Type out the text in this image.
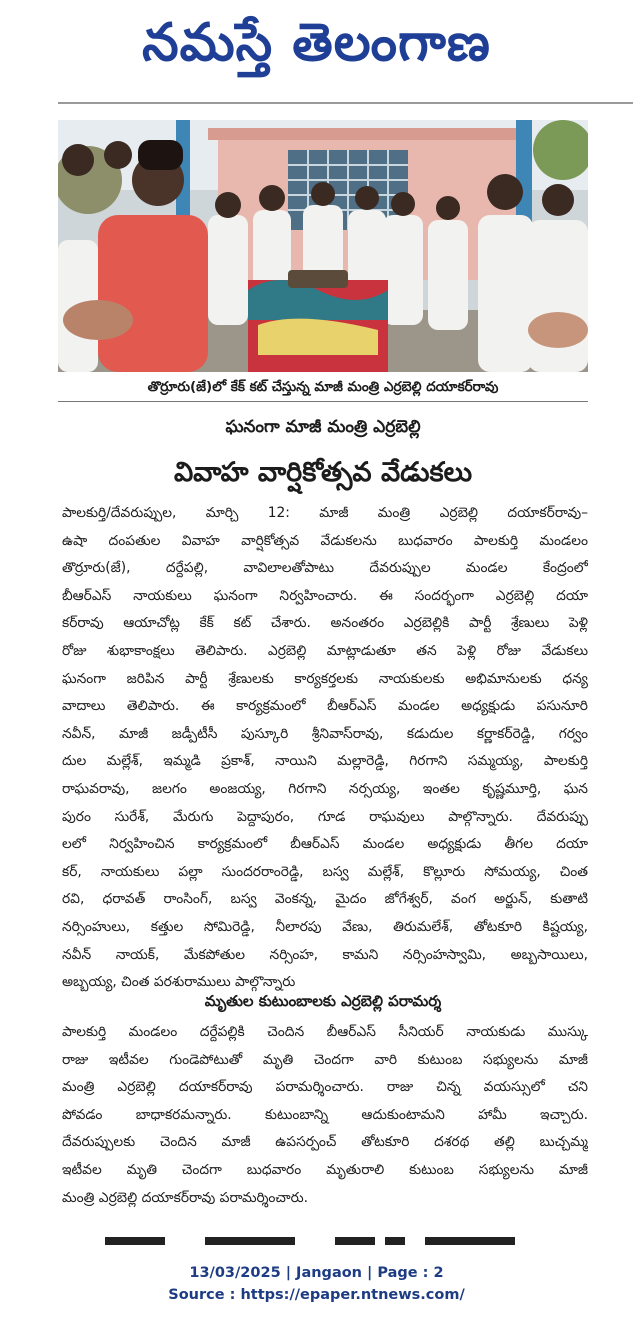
నమస్తే తెలంగాణ
తొర్రూరు(జే)లో కేక్ కట్ చేస్తున్న మాజీ మంత్రి ఎర్రబెల్లి దయాకర్‌రావు
ఘనంగా మాజీ మంత్రి ఎర్రబెల్లి
వివాహ వార్షికోత్సవ వేడుకలు
పాలకుర్తి/దేవరుప్పుల, మార్చి 12: మాజీ మంత్రి ఎర్రబెల్లి దయాకర్‌రావు–
ఉషా దంపతుల వివాహ వార్షికోత్సవ వేడుకలను బుధవారం పాలకుర్తి మండలం
తొర్రూరు(జే), దర్దేపల్లి, వావిలాలతోపాటు దేవరుప్పుల మండల కేంద్రంలో
బీఆర్‌ఎస్ నాయకులు ఘనంగా నిర్వహించారు. ఈ సందర్భంగా ఎర్రబెల్లి దయా
కర్‌రావు ఆయాచోట్ల కేక్ కట్ చేశారు. అనంతరం ఎర్రబెల్లికి పార్టీ శ్రేణులు పెళ్లి
రోజు శుభాకాంక్షలు తెలిపారు. ఎర్రబెల్లి మాట్లాడుతూ తన పెళ్లి రోజు వేడుకలు
ఘనంగా జరిపిన పార్టీ శ్రేణులకు కార్యకర్తలకు నాయకులకు అభిమానులకు ధన్య
వాదాలు తెలిపారు. ఈ కార్యక్రమంలో బీఆర్‌ఎస్ మండల అధ్యక్షుడు పసునూరి
నవీన్, మాజీ జడ్పీటీసీ పుస్కూరి శ్రీనివాస్‌రావు, కడుదుల కర్ణాకర్‌రెడ్డి, గర్వం
దుల మల్లేశ్, ఇమ్మడి ప్రకాశ్, నాయిని మల్లారెడ్డి, గిరగాని సమ్మయ్య, పాలకుర్తి
రాఘవరావు, జలగం అంజయ్య, గిరగాని నర్సయ్య, ఇంతల కృష్ణమూర్తి, ఘన
పురం సురేశ్, మేరుగు పెద్దాపురం, గూడ రాఘవులు పాల్గొన్నారు. దేవరుప్పు
లలో నిర్వహించిన కార్యక్రమంలో బీఆర్‌ఎస్ మండల అధ్యక్షుడు తీగల దయా
కర్, నాయకులు పల్లా సుందరరాంరెడ్డి, బస్వ మల్లేశ్, కొల్లూరు సోమయ్య, చింత
రవి, ధరావత్ రాంసింగ్, బస్వ వెంకన్న, మైదం జోగేశ్వర్, వంగ అర్జున్, కుతాటి
నర్సింహులు, కత్తుల సోమిరెడ్డి, నీలారపు వేణు, తిరుమలేశ్, తోటకూరి కిష్టయ్య,
నవీన్ నాయక్, మేకపోతుల నర్సింహ, కామని నర్సింహస్వామి, అబ్బసాయిలు,
అబ్బయ్య, చింత పరశురాములు పాల్గొన్నారు
మృతుల కుటుంబాలకు ఎర్రబెల్లి పరామర్శ
పాలకుర్తి మండలం దర్దేపల్లికి చెందిన బీఆర్‌ఎస్ సీనియర్ నాయకుడు ముస్కు
రాజు ఇటీవల గుండెపోటుతో మృతి చెందగా వారి కుటుంబ సభ్యులను మాజీ
మంత్రి ఎర్రబెల్లి దయాకర్‌రావు పరామర్శించారు. రాజు చిన్న వయస్సులో చని
పోవడం బాధాకరమన్నారు. కుటుంబాన్ని ఆదుకుంటామని హామీ ఇచ్చారు.
దేవరుప్పులకు చెందిన మాజీ ఉపసర్పంచ్ తోటకూరి దశరథ తల్లి బుచ్చమ్మ
ఇటీవల మృతి చెందగా బుధవారం మృతురాలి కుటుంబ సభ్యులను మాజీ
మంత్రి ఎర్రబెల్లి దయాకర్‌రావు పరామర్శించారు.
13/03/2025 | Jangaon | Page : 2
Source : https://epaper.ntnews.com/
